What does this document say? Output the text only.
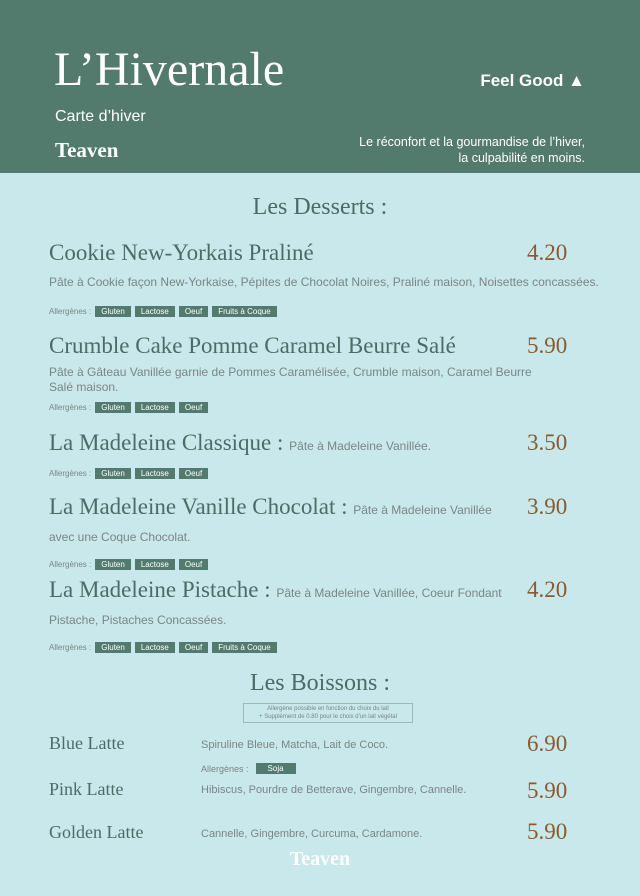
L’Hivernale
Carte d’hiver
Teaven
Feel Good ▲
Le réconfort et la gourmandise de l’hiver,
la culpabilité en moins.
Les Desserts :
Cookie New-Yorkais Praliné	4.20
Pâte à Cookie façon New-Yorkaise, Pépites de Chocolat Noires, Praliné maison, Noisettes concassées.
Allergènes :	Gluten	Lactose	Oeuf	Fruits à Coque
Crumble Cake Pomme Caramel Beurre Salé	5.90
Pâte à Gâteau Vanillée garnie de Pommes Caramélisée, Crumble maison, Caramel Beurre Salé maison.
Allergènes :	Gluten	Lactose	Oeuf
La Madeleine Classique : Pâte à Madeleine Vanillée.	3.50
Allergènes :	Gluten	Lactose	Oeuf
La Madeleine Vanille Chocolat : Pâte à Madeleine Vanillée 3.90
avec une Coque Chocolat.
Allergènes :	Gluten	Lactose	Oeuf
La Madeleine Pistache : Pâte à Madeleine Vanillée, Coeur Fondant 4.20
Pistache, Pistaches Concassées.
Allergènes :	Gluten	Lactose	Oeuf	Fruits à Coque
Les Boissons :
Allergène possible en fonction du choix du lait
+ Supplément de 0.80 pour le choix d’un lait végétal
Blue Latte	Spiruline Bleue, Matcha, Lait de Coco.	6.90
Allergènes :	Soja
Pink Latte	Hibiscus, Pourdre de Betterave, Gingembre, Cannelle.	5.90
Golden Latte	Cannelle, Gingembre, Curcuma, Cardamone.	5.90
Teaven
